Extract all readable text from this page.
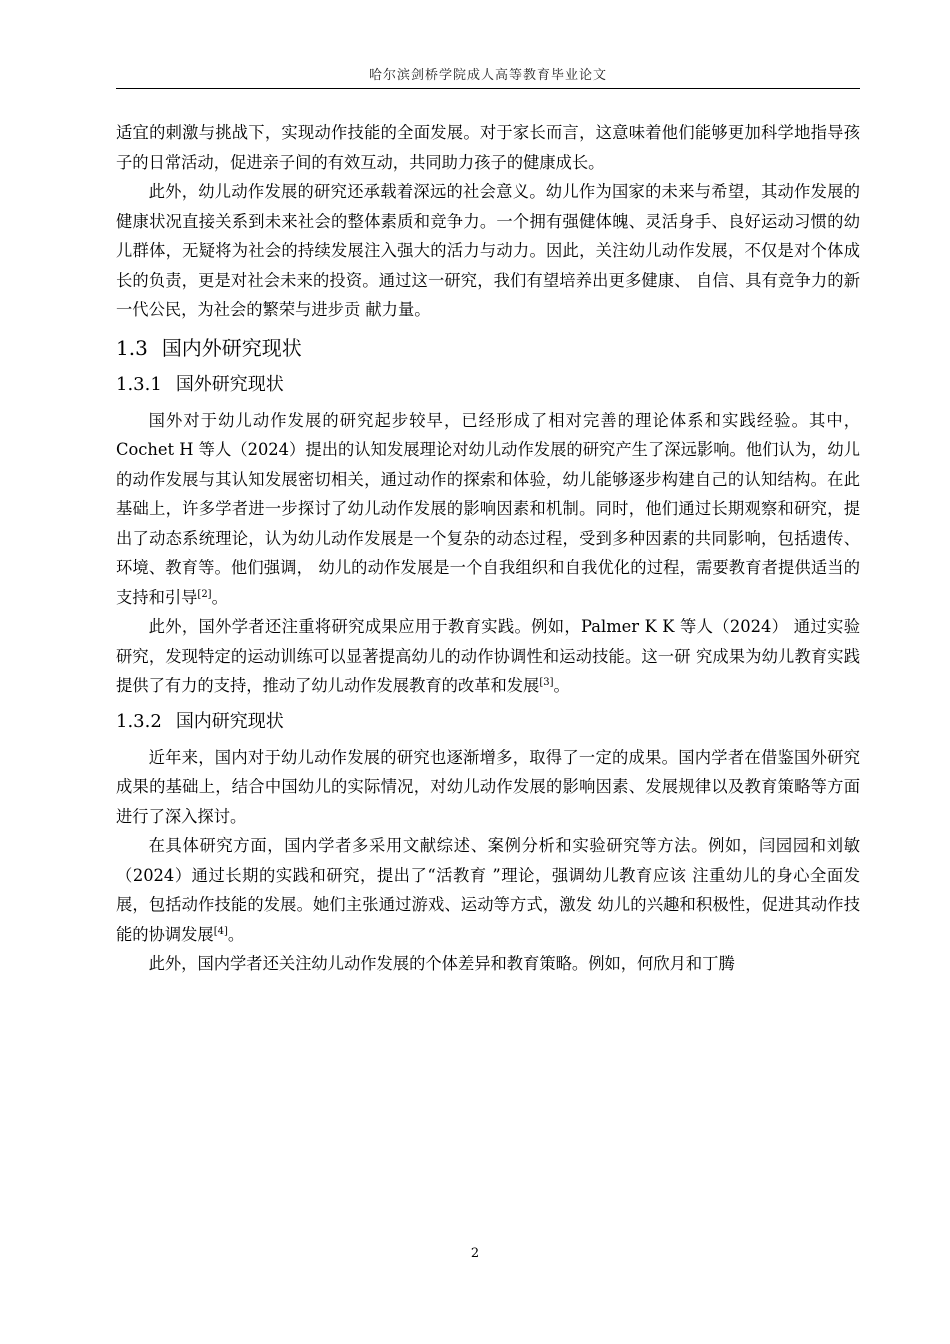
哈尔滨剑桥学院成人高等教育毕业论文

适宜的刺激与挑战下，实现动作技能的全面发展。对于家长而言，这意味着他们能够更加科学地指导孩子的日常活动，促进亲子间的有效互动，共同助力孩子的健康成长。

此外，幼儿动作发展的研究还承载着深远的社会意义。幼儿作为国家的未来与希望，其动作发展的健康状况直接关系到未来社会的整体素质和竞争力。一个拥有强健体魄、灵活身手、良好运动习惯的幼儿群体，无疑将为社会的持续发展注入强大的活力与动力。因此，关注幼儿动作发展，不仅是对个体成长的负责，更是对社会未来的投资。通过这一研究，我们有望培养出更多健康、 自信、具有竞争力的新一代公民，为社会的繁荣与进步贡 献力量。

1.3 国内外研究现状
1.3.1 国外研究现状

国外对于幼儿动作发展的研究起步较早，已经形成了相对完善的理论体系和实践经验。其中，Cochet H 等人（2024）提出的认知发展理论对幼儿动作发展的研究产生了深远影响。他们认为，幼儿的动作发展与其认知发展密切相关，通过动作的探索和体验，幼儿能够逐步构建自己的认知结构。在此基础上，许多学者进一步探讨了幼儿动作发展的影响因素和机制。同时，他们通过长期观察和研究，提出了动态系统理论，认为幼儿动作发展是一个复杂的动态过程，受到多种因素的共同影响，包括遗传、环境、教育等。他们强调， 幼儿的动作发展是一个自我组织和自我优化的过程，需要教育者提供适当的支持和引导[2]。

此外，国外学者还注重将研究成果应用于教育实践。例如，Palmer K K 等人（2024） 通过实验研究，发现特定的运动训练可以显著提高幼儿的动作协调性和运动技能。这一研 究成果为幼儿教育实践提供了有力的支持，推动了幼儿动作发展教育的改革和发展[3]。

1.3.2 国内研究现状

近年来，国内对于幼儿动作发展的研究也逐渐增多，取得了一定的成果。国内学者在借鉴国外研究成果的基础上，结合中国幼儿的实际情况，对幼儿动作发展的影响因素、发展规律以及教育策略等方面进行了深入探讨。

在具体研究方面，国内学者多采用文献综述、案例分析和实验研究等方法。例如，闫园园和刘敏（2024）通过长期的实践和研究，提出了“活教育 ”理论，强调幼儿教育应该 注重幼儿的身心全面发展，包括动作技能的发展。她们主张通过游戏、运动等方式，激发 幼儿的兴趣和积极性，促进其动作技能的协调发展[4]。

此外，国内学者还关注幼儿动作发展的个体差异和教育策略。例如，何欣月和丁腾

2
